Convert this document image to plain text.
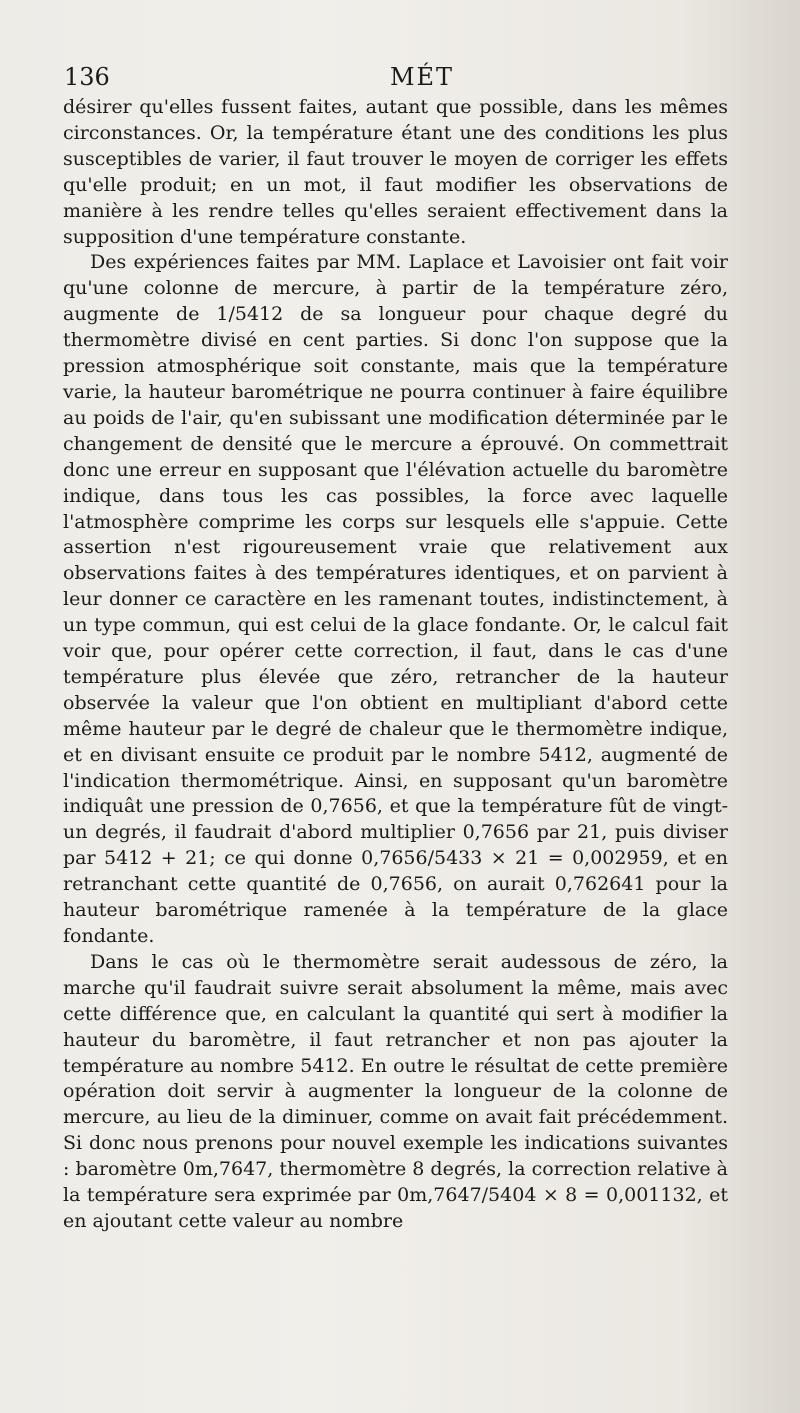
136	MÉT

désirer qu'elles fussent faites, autant que possible, dans les mêmes circonstances. Or, la température étant une des conditions les plus susceptibles de varier, il faut trouver le moyen de corriger les effets qu'elle produit; en un mot, il faut modifier les observations de manière à les rendre telles qu'elles seraient effectivement dans la supposition d'une température constante.

Des expériences faites par MM. Laplace et Lavoisier ont fait voir qu'une colonne de mercure, à partir de la température zéro, augmente de 1/5412 de sa longueur pour chaque degré du thermomètre divisé en cent parties. Si donc l'on suppose que la pression atmosphérique soit constante, mais que la température varie, la hauteur barométrique ne pourra continuer à faire équilibre au poids de l'air, qu'en subissant une modification déterminée par le changement de densité que le mercure a éprouvé. On commettrait donc une erreur en supposant que l'élévation actuelle du baromètre indique, dans tous les cas possibles, la force avec laquelle l'atmosphère comprime les corps sur lesquels elle s'appuie. Cette assertion n'est rigoureusement vraie que relativement aux observations faites à des températures identiques, et on parvient à leur donner ce caractère en les ramenant toutes, indistinctement, à un type commun, qui est celui de la glace fondante. Or, le calcul fait voir que, pour opérer cette correction, il faut, dans le cas d'une température plus élevée que zéro, retrancher de la hauteur observée la valeur que l'on obtient en multipliant d'abord cette même hauteur par le degré de chaleur que le thermomètre indique, et en divisant ensuite ce produit par le nombre 5412, augmenté de l'indication thermométrique. Ainsi, en supposant qu'un baromètre indiquât une pression de 0,7656, et que la température fût de vingt-un degrés, il faudrait d'abord multiplier 0,7656 par 21, puis diviser par 5412 + 21; ce qui donne 0,7656/5433 × 21 = 0,002959, et en retranchant cette quantité de 0,7656, on aurait 0,762641 pour la hauteur barométrique ramenée à la température de la glace fondante.

Dans le cas où le thermomètre serait audessous de zéro, la marche qu'il faudrait suivre serait absolument la même, mais avec cette différence que, en calculant la quantité qui sert à modifier la hauteur du baromètre, il faut retrancher et non pas ajouter la température au nombre 5412. En outre le résultat de cette première opération doit servir à augmenter la longueur de la colonne de mercure, au lieu de la diminuer, comme on avait fait précédemment. Si donc nous prenons pour nouvel exemple les indications suivantes : baromètre 0m,7647, thermomètre 8 degrés, la correction relative à la température sera exprimée par 0m,7647/5404 × 8 = 0,001132, et en ajoutant cette valeur au nombre
